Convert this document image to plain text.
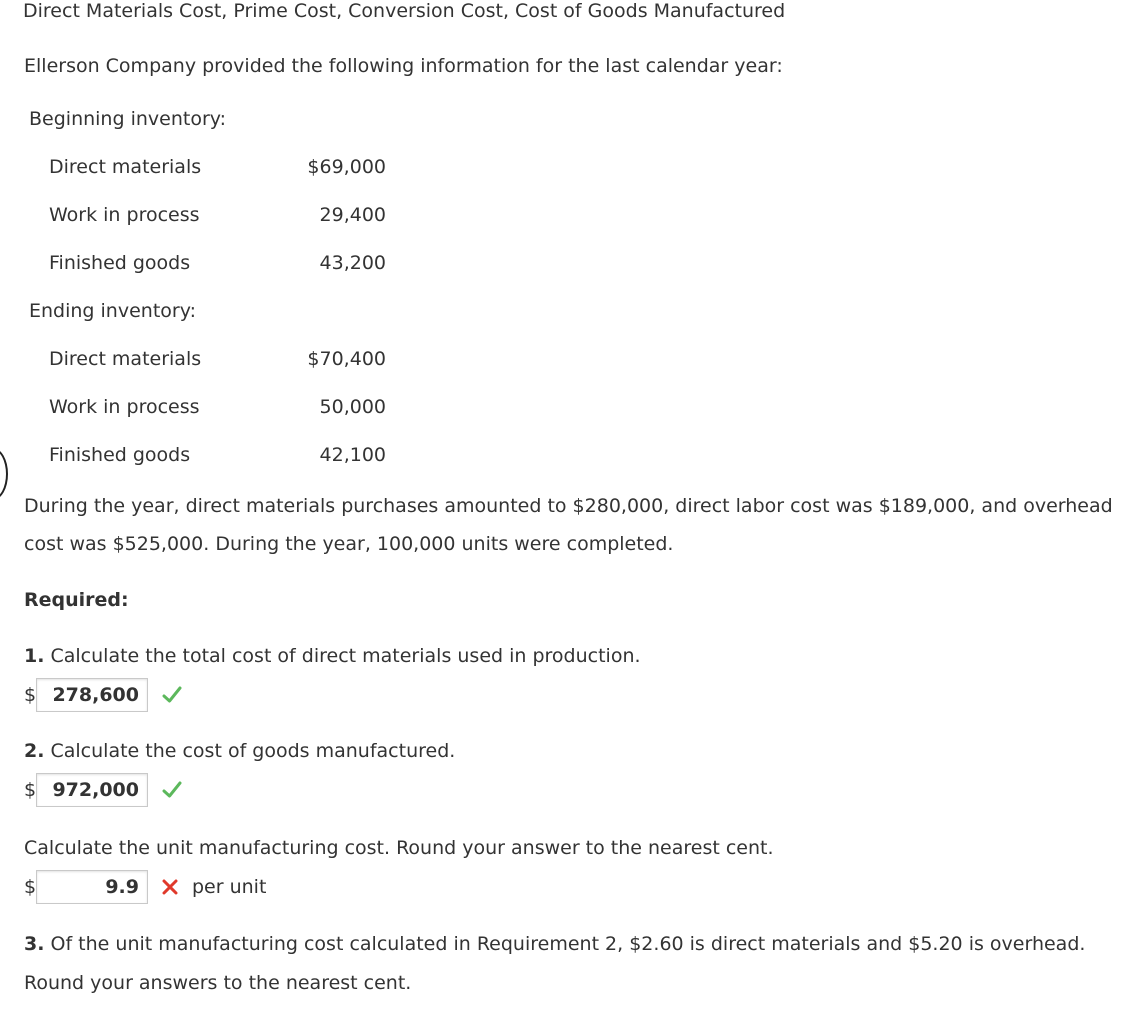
Direct Materials Cost, Prime Cost, Conversion Cost, Cost of Goods Manufactured
Ellerson Company provided the following information for the last calendar year:
Beginning inventory:
Direct materials	$69,000
Work in process	29,400
Finished goods	43,200
Ending inventory:
Direct materials	$70,400
Work in process	50,000
Finished goods	42,100
During the year, direct materials purchases amounted to $280,000, direct labor cost was $189,000, and overhead
cost was $525,000. During the year, 100,000 units were completed.
Required:
1. Calculate the total cost of direct materials used in production.
$ 278,600
2. Calculate the cost of goods manufactured.
$ 972,000
Calculate the unit manufacturing cost. Round your answer to the nearest cent.
$	9.9	per unit
3. Of the unit manufacturing cost calculated in Requirement 2, $2.60 is direct materials and $5.20 is overhead.
Round your answers to the nearest cent.
